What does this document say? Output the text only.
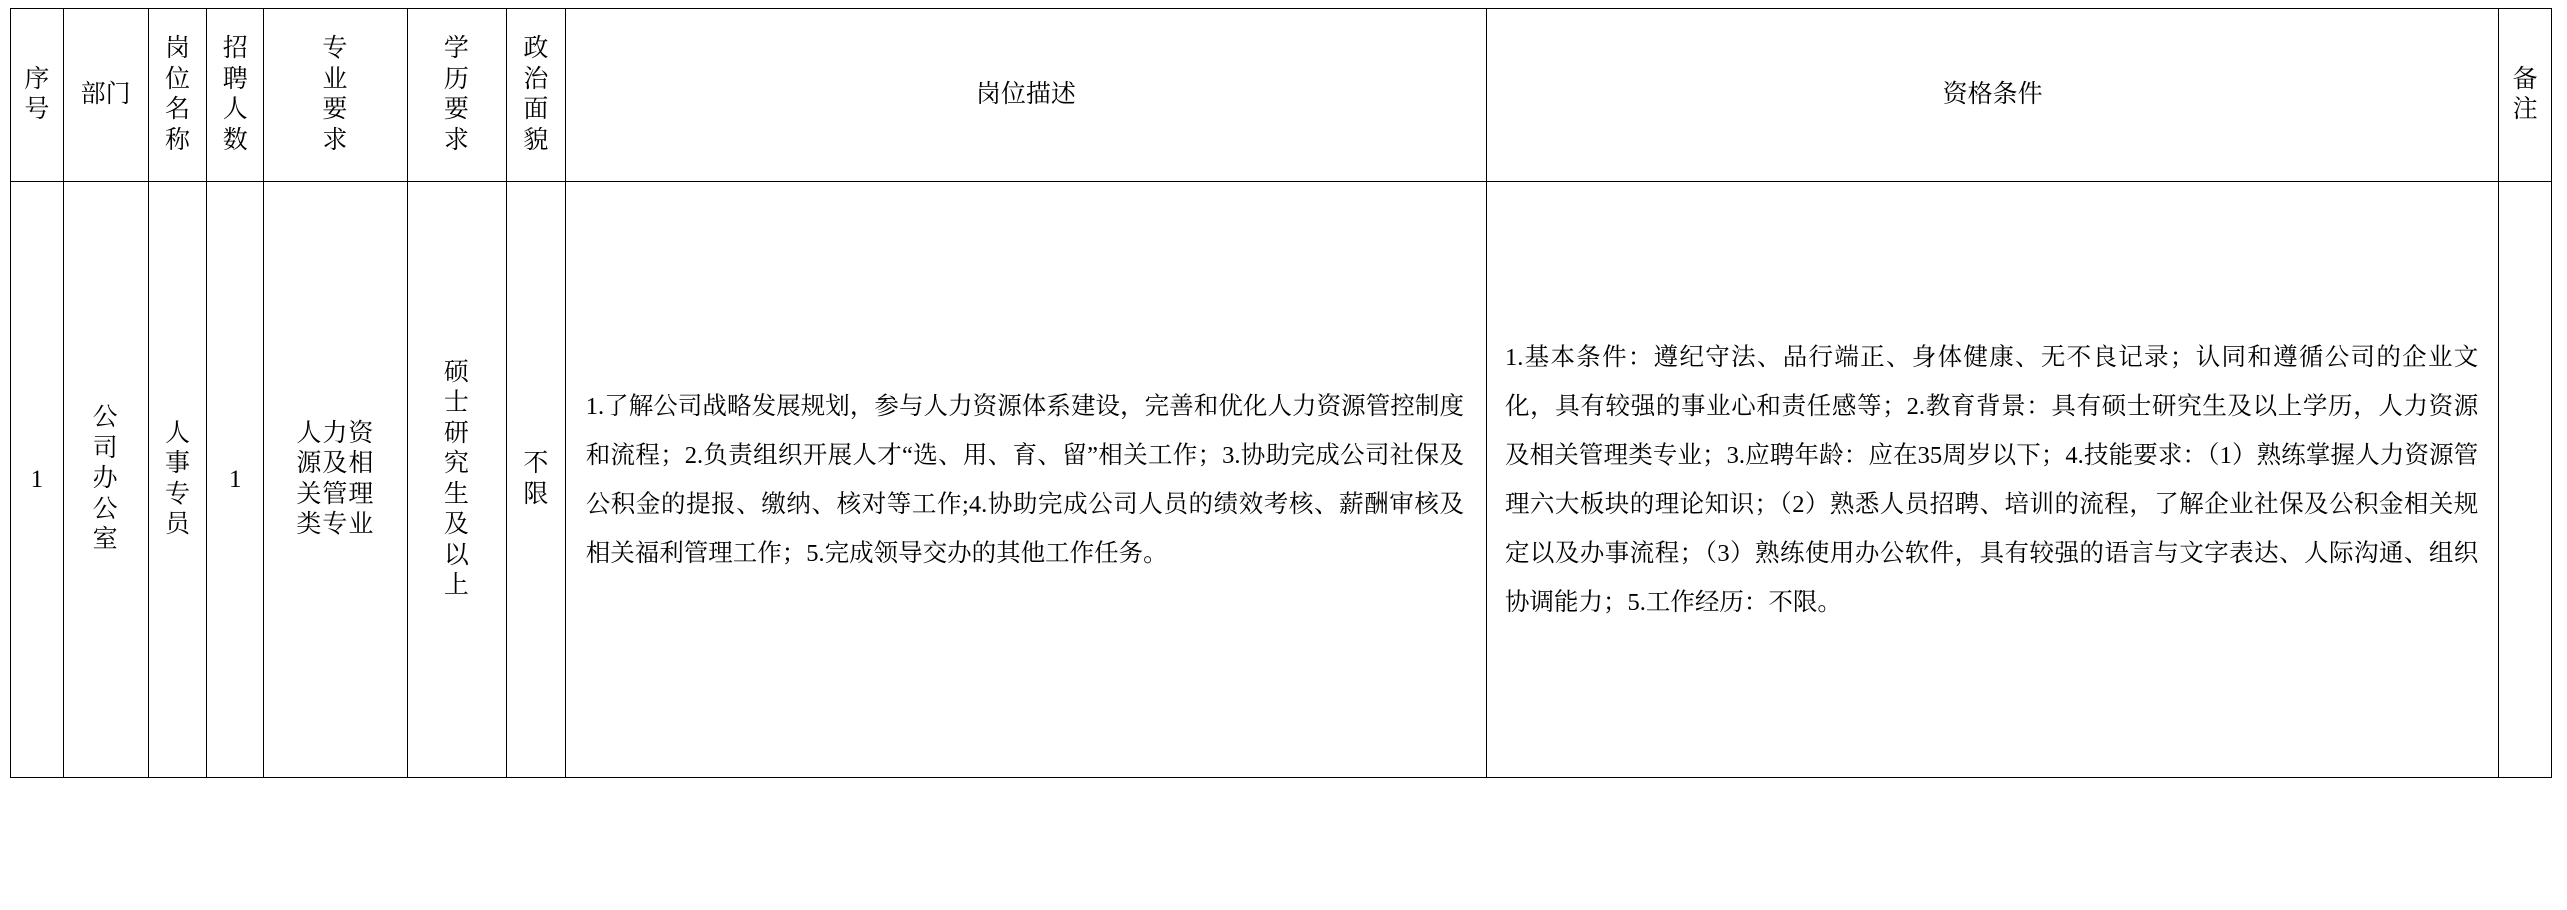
序号	部门	岗位名称	招聘人数	专业要求	学历要求	政治面貌	岗位描述	资格条件	备注

1	公司办公室	人事专员	1	人力资源及相关管理类专业	硕士研究生及以上	不限	1.了解公司战略发展规划，参与人力资源体系建设，完善和优化人力资源管控制度和流程；2.负责组织开展人才“选、用、育、留”相关工作；3.协助完成公司社保及公积金的提报、缴纳、核对等工作;4.协助完成公司人员的绩效考核、薪酬审核及相关福利管理工作；5.完成领导交办的其他工作任务。	1.基本条件：遵纪守法、品行端正、身体健康、无不良记录；认同和遵循公司的企业文化，具有较强的事业心和责任感等；2.教育背景：具有硕士研究生及以上学历，人力资源及相关管理类专业；3.应聘年龄：应在35周岁以下；4.技能要求：（1）熟练掌握人力资源管理六大板块的理论知识；（2）熟悉人员招聘、培训的流程，了解企业社保及公积金相关规定以及办事流程；（3）熟练使用办公软件，具有较强的语言与文字表达、人际沟通、组织协调能力；5.工作经历：不限。	
